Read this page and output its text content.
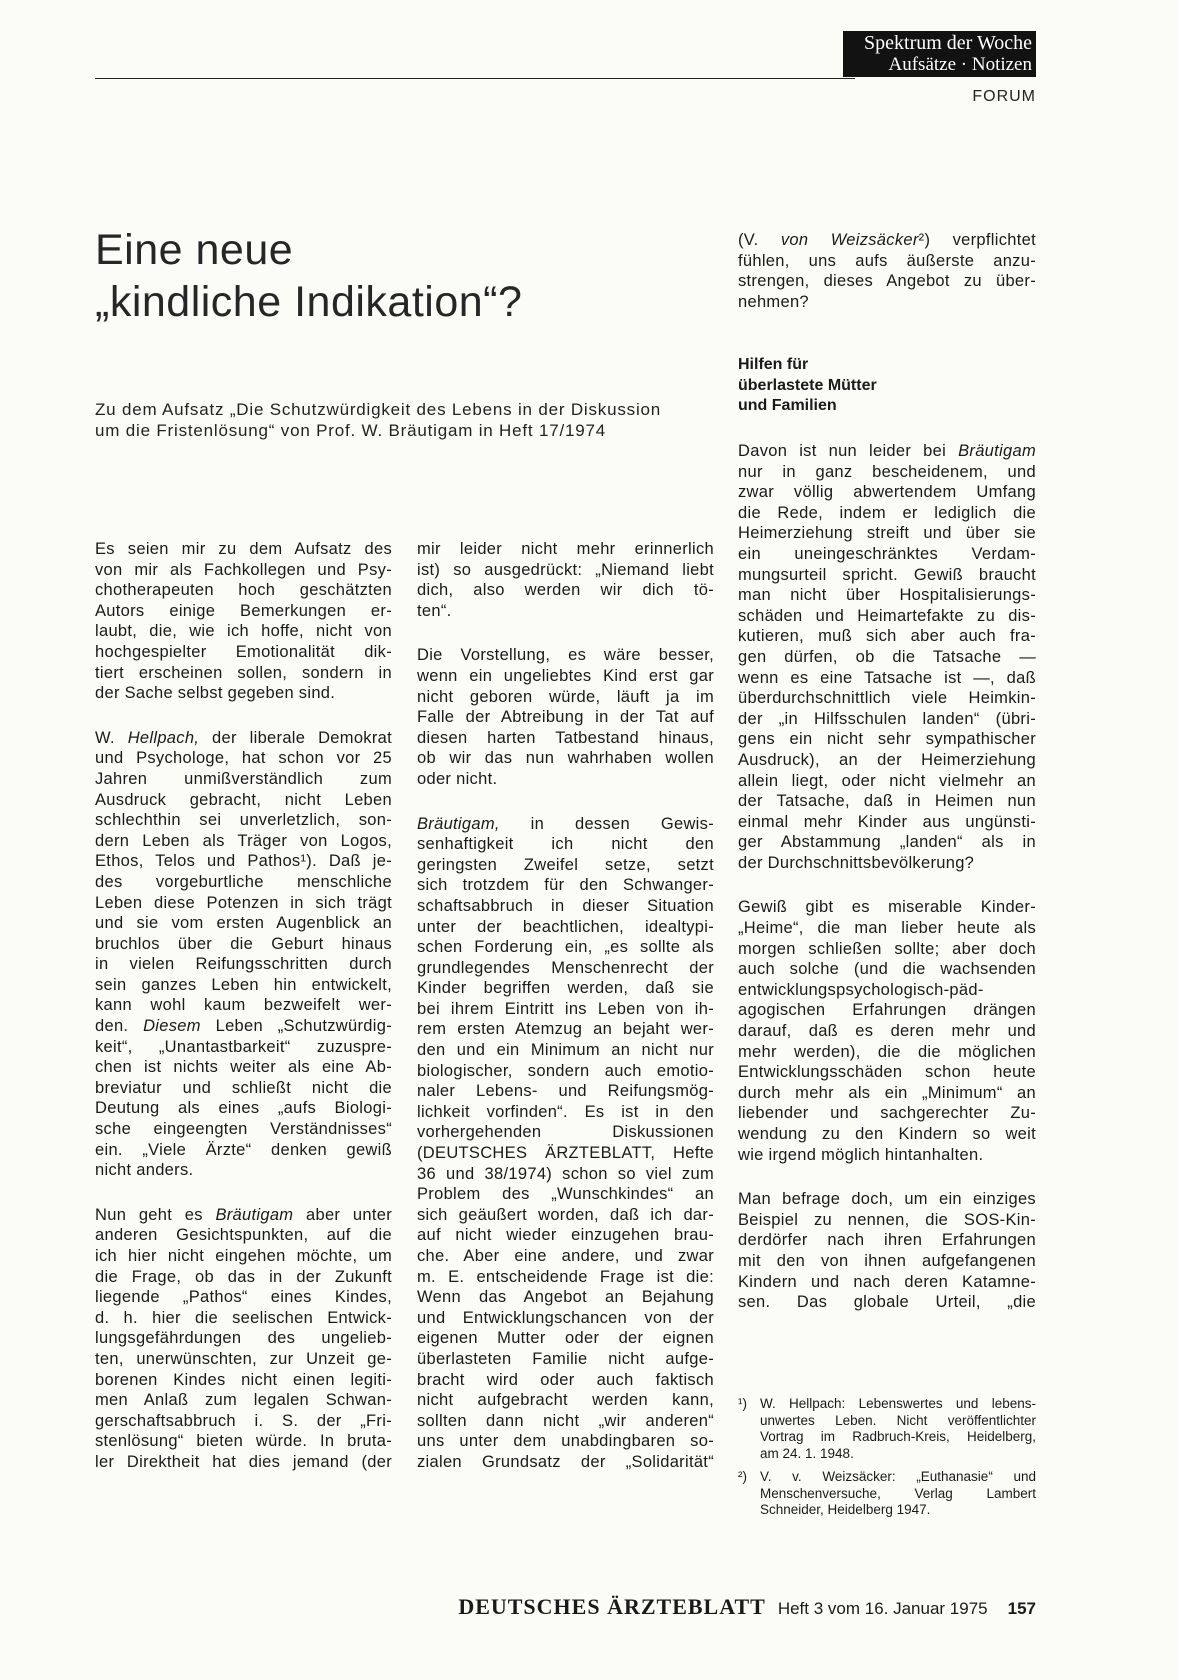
Spektrum der Woche
Aufsätze · Notizen
FORUM
Eine neue
„kindliche Indikation“?
Zu dem Aufsatz „Die Schutzwürdigkeit des Lebens in der Diskussion
um die Fristenlösung“ von Prof. W. Bräutigam in Heft 17/1974
(V. von Weizsäcker²) verpflichtet
fühlen, uns aufs äußerste anzu-
strengen, dieses Angebot zu über-
nehmen?
Hilfen für
überlastete Mütter
und Familien
Es seien mir zu dem Aufsatz des
von mir als Fachkollegen und Psy-
chotherapeuten hoch geschätzten
Autors einige Bemerkungen er-
laubt, die, wie ich hoffe, nicht von
hochgespielter Emotionalität dik-
tiert erscheinen sollen, sondern in
der Sache selbst gegeben sind.
W. Hellpach, der liberale Demokrat
und Psychologe, hat schon vor 25
Jahren unmißverständlich zum
Ausdruck gebracht, nicht Leben
schlechthin sei unverletzlich, son-
dern Leben als Träger von Logos,
Ethos, Telos und Pathos¹). Daß je-
des vorgeburtliche menschliche
Leben diese Potenzen in sich trägt
und sie vom ersten Augenblick an
bruchlos über die Geburt hinaus
in vielen Reifungsschritten durch
sein ganzes Leben hin entwickelt,
kann wohl kaum bezweifelt wer-
den. Diesem Leben „Schutzwürdig-
keit“, „Unantastbarkeit“ zuzuspre-
chen ist nichts weiter als eine Ab-
breviatur und schließt nicht die
Deutung als eines „aufs Biologi-
sche eingeengten Verständnisses“
ein. „Viele Ärzte“ denken gewiß
nicht anders.
Nun geht es Bräutigam aber unter
anderen Gesichtspunkten, auf die
ich hier nicht eingehen möchte, um
die Frage, ob das in der Zukunft
liegende „Pathos“ eines Kindes,
d. h. hier die seelischen Entwick-
lungsgefährdungen des ungelieb-
ten, unerwünschten, zur Unzeit ge-
borenen Kindes nicht einen legiti-
men Anlaß zum legalen Schwan-
gerschaftsabbruch i. S. der „Fri-
stenlösung“ bieten würde. In bruta-
ler Direktheit hat dies jemand (der
mir leider nicht mehr erinnerlich
ist) so ausgedrückt: „Niemand liebt
dich, also werden wir dich tö-
ten“.
Die Vorstellung, es wäre besser,
wenn ein ungeliebtes Kind erst gar
nicht geboren würde, läuft ja im
Falle der Abtreibung in der Tat auf
diesen harten Tatbestand hinaus,
ob wir das nun wahrhaben wollen
oder nicht.
Bräutigam, in dessen Gewis-
senhaftigkeit ich nicht den
geringsten Zweifel setze, setzt
sich trotzdem für den Schwanger-
schaftsabbruch in dieser Situation
unter der beachtlichen, idealtypi-
schen Forderung ein, „es sollte als
grundlegendes Menschenrecht der
Kinder begriffen werden, daß sie
bei ihrem Eintritt ins Leben von ih-
rem ersten Atemzug an bejaht wer-
den und ein Minimum an nicht nur
biologischer, sondern auch emotio-
naler Lebens- und Reifungsmög-
lichkeit vorfinden“. Es ist in den
vorhergehenden Diskussionen
(DEUTSCHES ÄRZTEBLATT, Hefte
36 und 38/1974) schon so viel zum
Problem des „Wunschkindes“ an
sich geäußert worden, daß ich dar-
auf nicht wieder einzugehen brau-
che. Aber eine andere, und zwar
m. E. entscheidende Frage ist die:
Wenn das Angebot an Bejahung
und Entwicklungschancen von der
eigenen Mutter oder der eignen
überlasteten Familie nicht aufge-
bracht wird oder auch faktisch
nicht aufgebracht werden kann,
sollten dann nicht „wir anderen“
uns unter dem unabdingbaren so-
zialen Grundsatz der „Solidarität“
Davon ist nun leider bei Bräutigam
nur in ganz bescheidenem, und
zwar völlig abwertendem Umfang
die Rede, indem er lediglich die
Heimerziehung streift und über sie
ein uneingeschränktes Verdam-
mungsurteil spricht. Gewiß braucht
man nicht über Hospitalisierungs-
schäden und Heimartefakte zu dis-
kutieren, muß sich aber auch fra-
gen dürfen, ob die Tatsache —
wenn es eine Tatsache ist —, daß
überdurchschnittlich viele Heimkin-
der „in Hilfsschulen landen“ (übri-
gens ein nicht sehr sympathischer
Ausdruck), an der Heimerziehung
allein liegt, oder nicht vielmehr an
der Tatsache, daß in Heimen nun
einmal mehr Kinder aus ungünsti-
ger Abstammung „landen“ als in
der Durchschnittsbevölkerung?
Gewiß gibt es miserable Kinder-
„Heime“, die man lieber heute als
morgen schließen sollte; aber doch
auch solche (und die wachsenden
entwicklungspsychologisch-päd-
agogischen Erfahrungen drängen
darauf, daß es deren mehr und
mehr werden), die die möglichen
Entwicklungsschäden schon heute
durch mehr als ein „Minimum“ an
liebender und sachgerechter Zu-
wendung zu den Kindern so weit
wie irgend möglich hintanhalten.
Man befrage doch, um ein einziges
Beispiel zu nennen, die SOS-Kin-
derdörfer nach ihren Erfahrungen
mit den von ihnen aufgefangenen
Kindern und nach deren Katamne-
sen. Das globale Urteil, „die
¹) W. Hellpach: Lebenswertes und lebens-
unwertes Leben. Nicht veröffentlichter
Vortrag im Radbruch-Kreis, Heidelberg,
am 24. 1. 1948.
²) V. v. Weizsäcker: „Euthanasie“ und
Menschenversuche, Verlag Lambert
Schneider, Heidelberg 1947.
DEUTSCHES ÄRZTEBLATT Heft 3 vom 16. Januar 1975 157
